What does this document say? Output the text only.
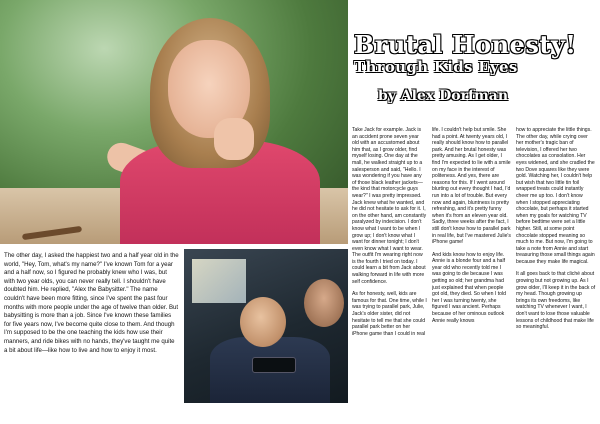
Brutal Honesty!
Through Kids Eyes
by Alex Dorfman
The other day, I asked the happiest two and a half year old in the world, "Hey, Tom, what's my name?" I've known Tom for a year and a half now, so I figured he probably knew who I was, but with two year olds, you can never really tell. I shouldn't have doubted him. He replied, "Alex the Babysitter." The name couldn't have been more fitting, since I've spent the past four months with more people under the age of twelve than older. But babysitting is more than a job. Since I've known these families for five years now, I've become quite close to them. And though I'm supposed to be the one teaching the kids how use their manners, and ride bikes with no hands, they've taught me quite a bit about life—like how to live and how to enjoy it most.

Take Jack for example. Jack is an accident prone seven year old with an accustomed about him that, as I grow older, find myself losing. One day at the mall, he walked straight up to a salesperson and said, "Hello. I was wondering if you have any of those black leather jackets—the kind that motorcycle guys wear?" I was pretty impressed. Jack knew what he wanted, and he did not hesitate to ask for it. I, on the other hand, am constantly paralyzed by indecision. I don't know what I want to be when I grow up; I don't know what I want for dinner tonight; I don't even know what I want to wear. The outfit I'm wearing right now is the fourth I tried on today. I could learn a bit from Jack about walking forward in life with more self confidence.

As for honesty, well, kids are famous for that. One time, while I was trying to parallel park, Julie, Jack's older sister, did not hesitate to tell me that she could parallel park better on her iPhone game than I could in real

life. I couldn't help but smile. She had a point. At twenty years old, I really should know how to parallel park. And her brutal honesty was pretty amusing. As I get older, I find I'm expected to lie with a smile on my face in the interest of politeness. And yes, there are reasons for this. If I went around blurting out every thought I had, I'd run into a lot of trouble. But every now and again, bluntness is pretty refreshing, and it's pretty funny when it's from an eleven year old. Sadly, three weeks after the fact, I still don't know how to parallel park in real life, but I've mastered Julie's iPhone game!

And kids know how to enjoy life. Annie is a blonde four and a half year old who recently told me I was going to die because I was getting so old; her grandma had just explained that when people got old, they died. So when I told her I was turning twenty, she figured I was ancient. Perhaps because of her ominous outlook Annie really knows

how to appreciate the little things. The other day, while crying over her mother's tragic ban of television, I offered her two chocolates as consolation. Her eyes widened, and she cradled the two Dove squares like they were gold. Watching her, I couldn't help but wish that two little tin foil wrapped treats could instantly cheer me up too. I don't know when I stopped appreciating chocolate, but perhaps it started when my goals for watching TV before bedtime were set a little higher. Still, at some point chocolate stopped meaning so much to me. But now, I'm going to take a note from Annie and start treasuring those small things again because they make life magical.

It all goes back to that cliché about growing but not growing up. As I grow older, I'll keep it in the back of my head. Though growing up brings its own freedoms, like watching TV whenever I want, I don't want to lose those valuable lessons of childhood that make life so meaningful.
